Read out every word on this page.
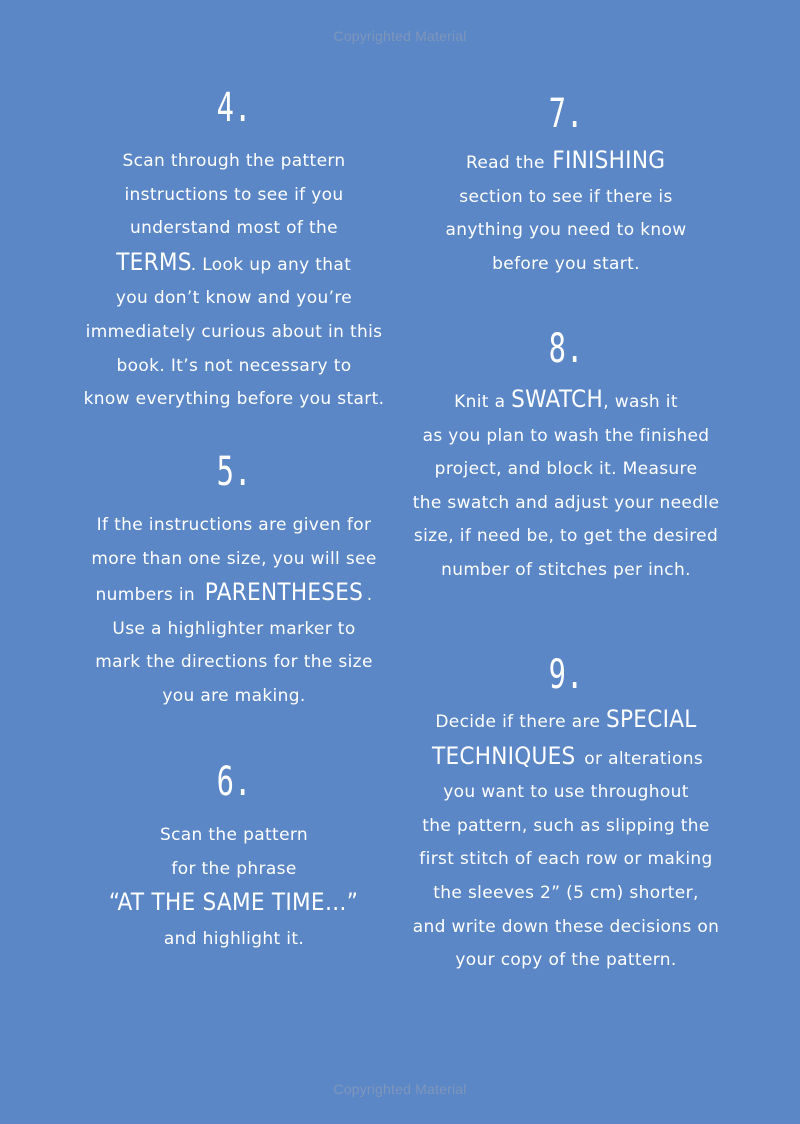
Copyrighted Material
4.

Scan through the pattern
instructions to see if you
understand most of the
TERMS. Look up any that
you don’t know and you’re
immediately curious about in this
book. It’s not necessary to
know everything before you start.

5.

If the instructions are given for
more than one size, you will see
numbers in PARENTHESES .
Use a highlighter marker to
mark the directions for the size
you are making.

6.

Scan the pattern
for the phrase
“AT THE SAME TIME…”
and highlight it.

7.

Read the FINISHING
section to see if there is
anything you need to know
before you start.

8.

Knit a SWATCH, wash it
as you plan to wash the finished
project, and block it. Measure
the swatch and adjust your needle
size, if need be, to get the desired
number of stitches per inch.

9.

Decide if there are SPECIAL
TECHNIQUES or alterations
you want to use throughout
the pattern, such as slipping the
first stitch of each row or making
the sleeves 2” (5 cm) shorter,
and write down these decisions on
your copy of the pattern.

Copyrighted Material
